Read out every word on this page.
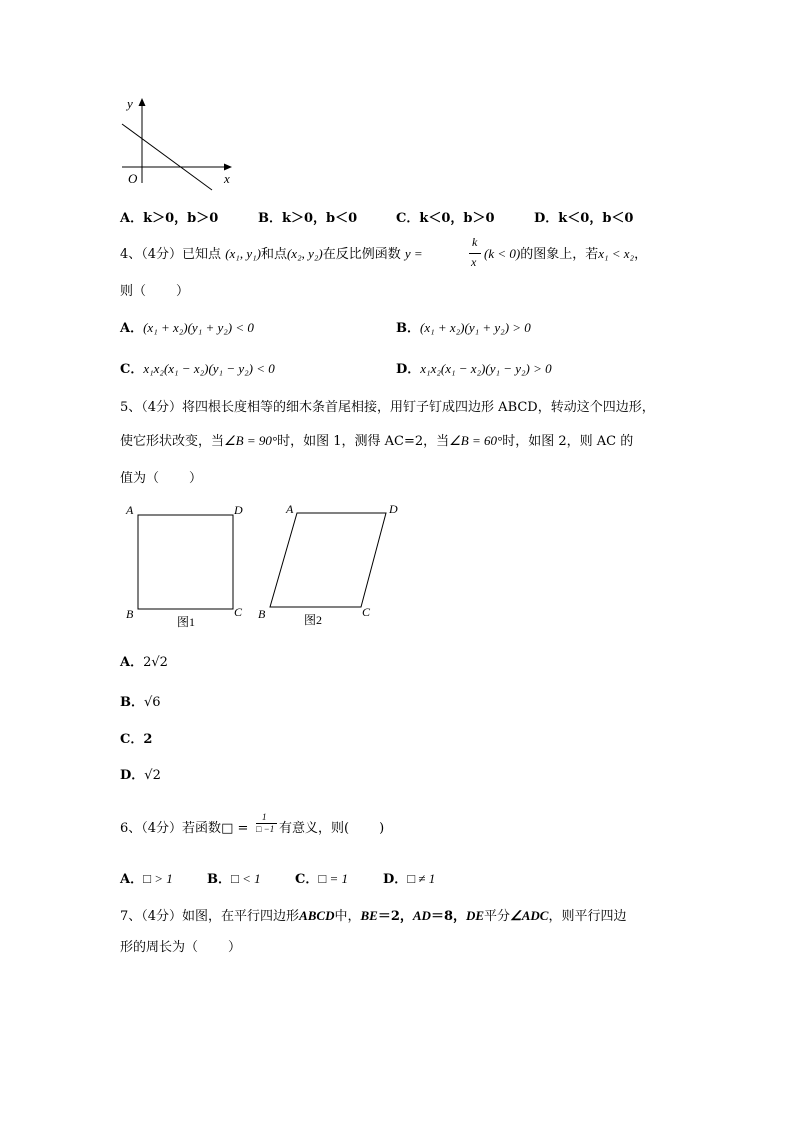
y
x
O
A．k＞0，b＞0	B．k＞0，b＜0	C．k＜0，b＞0	D．k＜0，b＜0
4、（4分）已知点 (x₁, y₁)和点(x₂, y₂)在反比例函数 y =
k
x
(k < 0)的图象上，若x₁ < x₂，
则（ ）
A．(x₁ + x₂)(y₁ + y₂) < 0	B．(x₁ + x₂)(y₁ + y₂) > 0
C．x₁x₂(x₁ − x₂)(y₁ − y₂) < 0	D．x₁x₂(x₁ − x₂)(y₁ − y₂) > 0
5、（4分）将四根长度相等的细木条首尾相接，用钉子钉成四边形 ABCD，转动这个四边形，
使它形状改变，当∠B = 90°时，如图 1，测得 AC=2，当∠B = 60°时，如图 2，则 AC 的
值为（ ）
A	D
B	C
图1
A	D
B	C
图2
A．2√2
B．√6
C．2
D．√2
6、（4分）若函数□ =
1
□ −1 有意义，则( )
A．□ > 1	B．□ < 1	C．□ = 1	D．□ ≠ 1
7、（4分）如图，在平行四边形ABCD中，BE＝2，AD＝8，DE平分∠ADC，则平行四边
形的周长为（ ）
